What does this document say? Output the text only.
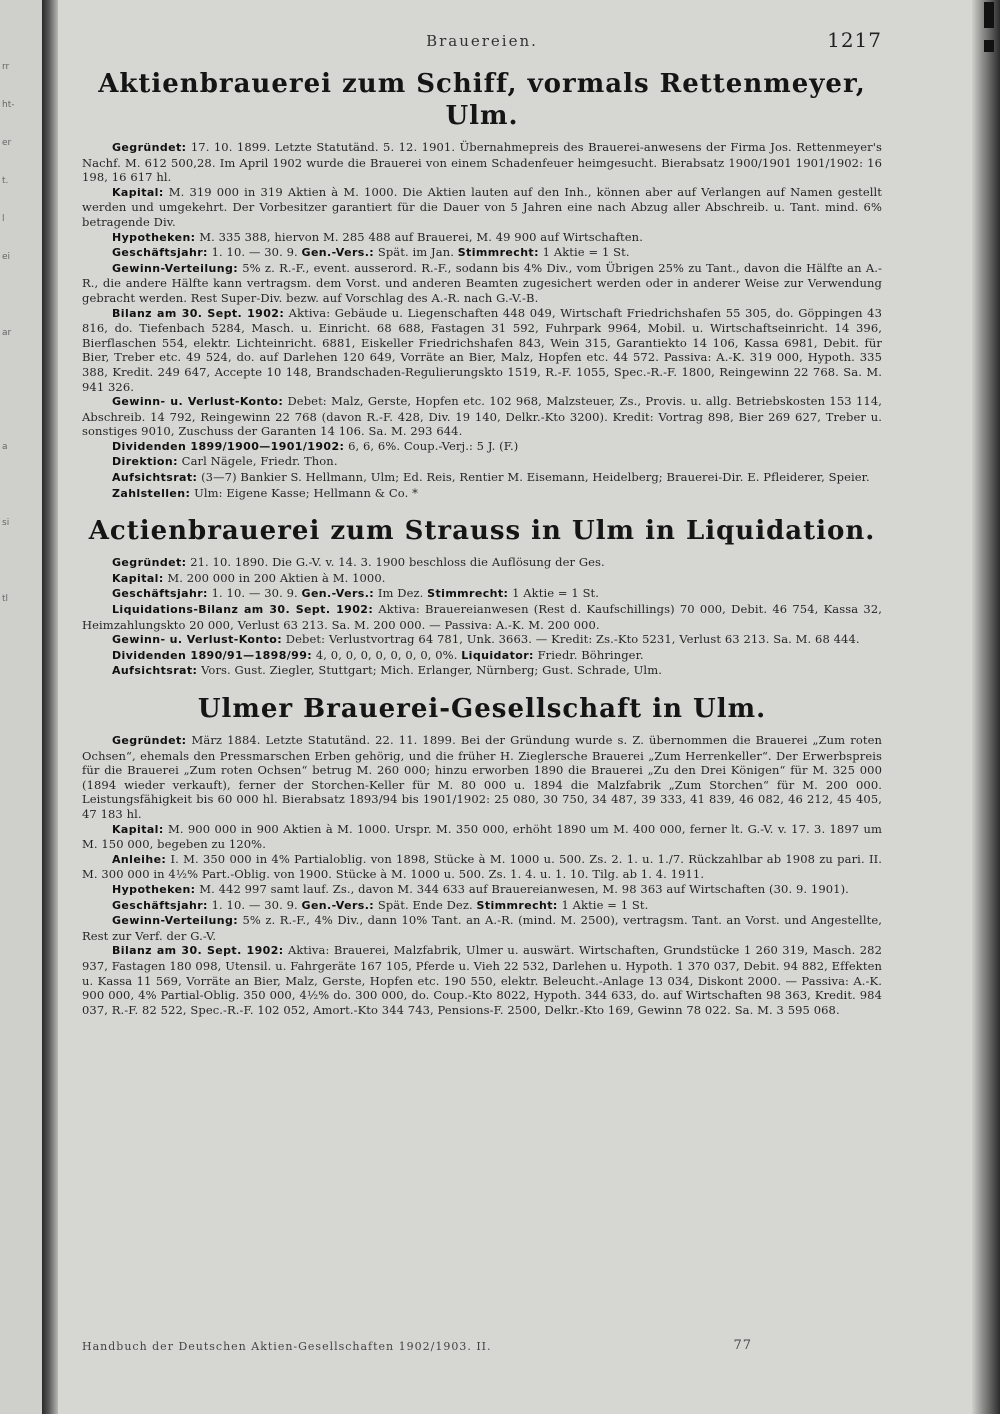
rr
ht-
er
t.
l
ei
ar
a
si
tl
Brauereien.	1217
Aktienbrauerei zum Schiff, vormals Rettenmeyer, Ulm.

Gegründet: 17. 10. 1899. Letzte Statutänd. 5. 12. 1901. Übernahmepreis des Brauerei-anwesens der Firma Jos. Rettenmeyer's Nachf. M. 612 500,28. Im April 1902 wurde die Brauerei von einem Schadenfeuer heimgesucht. Bierabsatz 1900/1901 1901/1902: 16 198, 16 617 hl.

Kapital: M. 319 000 in 319 Aktien à M. 1000. Die Aktien lauten auf den Inh., können aber auf Verlangen auf Namen gestellt werden und umgekehrt. Der Vorbesitzer garantiert für die Dauer von 5 Jahren eine nach Abzug aller Abschreib. u. Tant. mind. 6% betragende Div.

Hypotheken: M. 335 388, hiervon M. 285 488 auf Brauerei, M. 49 900 auf Wirtschaften.

Geschäftsjahr: 1. 10. — 30. 9. Gen.-Vers.: Spät. im Jan. Stimmrecht: 1 Aktie = 1 St.

Gewinn-Verteilung: 5% z. R.-F., event. ausserord. R.-F., sodann bis 4% Div., vom Übrigen 25% zu Tant., davon die Hälfte an A.-R., die andere Hälfte kann vertragsm. dem Vorst. und anderen Beamten zugesichert werden oder in anderer Weise zur Verwendung gebracht werden. Rest Super-Div. bezw. auf Vorschlag des A.-R. nach G.-V.-B.

Bilanz am 30. Sept. 1902: Aktiva: Gebäude u. Liegenschaften 448 049, Wirtschaft Friedrichshafen 55 305, do. Göppingen 43 816, do. Tiefenbach 5284, Masch. u. Einricht. 68 688, Fastagen 31 592, Fuhrpark 9964, Mobil. u. Wirtschaftseinricht. 14 396, Bierflaschen 554, elektr. Lichteinricht. 6881, Eiskeller Friedrichshafen 843, Wein 315, Garantiekto 14 106, Kassa 6981, Debit. für Bier, Treber etc. 49 524, do. auf Darlehen 120 649, Vorräte an Bier, Malz, Hopfen etc. 44 572. Passiva: A.-K. 319 000, Hypoth. 335 388, Kredit. 249 647, Accepte 10 148, Brandschaden-Regulierungskto 1519, R.-F. 1055, Spec.-R.-F. 1800, Reingewinn 22 768. Sa. M. 941 326.

Gewinn- u. Verlust-Konto: Debet: Malz, Gerste, Hopfen etc. 102 968, Malzsteuer, Zs., Provis. u. allg. Betriebskosten 153 114, Abschreib. 14 792, Reingewinn 22 768 (davon R.-F. 428, Div. 19 140, Delkr.-Kto 3200). Kredit: Vortrag 898, Bier 269 627, Treber u. sonstiges 9010, Zuschuss der Garanten 14 106. Sa. M. 293 644.

Dividenden 1899/1900—1901/1902: 6, 6, 6%. Coup.-Verj.: 5 J. (F.)

Direktion: Carl Nägele, Friedr. Thon.

Aufsichtsrat: (3—7) Bankier S. Hellmann, Ulm; Ed. Reis, Rentier M. Eisemann, Heidelberg; Brauerei-Dir. E. Pfleiderer, Speier.

Zahlstellen: Ulm: Eigene Kasse; Hellmann & Co. *

Actienbrauerei zum Strauss in Ulm in Liquidation.

Gegründet: 21. 10. 1890. Die G.-V. v. 14. 3. 1900 beschloss die Auflösung der Ges.

Kapital: M. 200 000 in 200 Aktien à M. 1000.

Geschäftsjahr: 1. 10. — 30. 9. Gen.-Vers.: Im Dez. Stimmrecht: 1 Aktie = 1 St.

Liquidations-Bilanz am 30. Sept. 1902: Aktiva: Brauereianwesen (Rest d. Kaufschillings) 70 000, Debit. 46 754, Kassa 32, Heimzahlungskto 20 000, Verlust 63 213. Sa. M. 200 000. — Passiva: A.-K. M. 200 000.

Gewinn- u. Verlust-Konto: Debet: Verlustvortrag 64 781, Unk. 3663. — Kredit: Zs.-Kto 5231, Verlust 63 213. Sa. M. 68 444.

Dividenden 1890/91—1898/99: 4, 0, 0, 0, 0, 0, 0, 0, 0%. Liquidator: Friedr. Böhringer.

Aufsichtsrat: Vors. Gust. Ziegler, Stuttgart; Mich. Erlanger, Nürnberg; Gust. Schrade, Ulm.

Ulmer Brauerei-Gesellschaft in Ulm.

Gegründet: März 1884. Letzte Statutänd. 22. 11. 1899. Bei der Gründung wurde s. Z. übernommen die Brauerei „Zum roten Ochsen“, ehemals den Pressmarschen Erben gehörig, und die früher H. Zieglersche Brauerei „Zum Herrenkeller“. Der Erwerbspreis für die Brauerei „Zum roten Ochsen“ betrug M. 260 000; hinzu erworben 1890 die Brauerei „Zu den Drei Königen“ für M. 325 000 (1894 wieder verkauft), ferner der Storchen-Keller für M. 80 000 u. 1894 die Malzfabrik „Zum Storchen“ für M. 200 000. Leistungsfähigkeit bis 60 000 hl. Bierabsatz 1893/94 bis 1901/1902: 25 080, 30 750, 34 487, 39 333, 41 839, 46 082, 46 212, 45 405, 47 183 hl.

Kapital: M. 900 000 in 900 Aktien à M. 1000. Urspr. M. 350 000, erhöht 1890 um M. 400 000, ferner lt. G.-V. v. 17. 3. 1897 um M. 150 000, begeben zu 120%.

Anleihe: I. M. 350 000 in 4% Partialoblig. von 1898, Stücke à M. 1000 u. 500. Zs. 2. 1. u. 1./7. Rückzahlbar ab 1908 zu pari. II. M. 300 000 in 4½% Part.-Oblig. von 1900. Stücke à M. 1000 u. 500. Zs. 1. 4. u. 1. 10. Tilg. ab 1. 4. 1911.

Hypotheken: M. 442 997 samt lauf. Zs., davon M. 344 633 auf Brauereianwesen, M. 98 363 auf Wirtschaften (30. 9. 1901).

Geschäftsjahr: 1. 10. — 30. 9. Gen.-Vers.: Spät. Ende Dez. Stimmrecht: 1 Aktie = 1 St.

Gewinn-Verteilung: 5% z. R.-F., 4% Div., dann 10% Tant. an A.-R. (mind. M. 2500), vertragsm. Tant. an Vorst. und Angestellte, Rest zur Verf. der G.-V.

Bilanz am 30. Sept. 1902: Aktiva: Brauerei, Malzfabrik, Ulmer u. auswärt. Wirtschaften, Grundstücke 1 260 319, Masch. 282 937, Fastagen 180 098, Utensil. u. Fahrgeräte 167 105, Pferde u. Vieh 22 532, Darlehen u. Hypoth. 1 370 037, Debit. 94 882, Effekten u. Kassa 11 569, Vorräte an Bier, Malz, Gerste, Hopfen etc. 190 550, elektr. Beleucht.-Anlage 13 034, Diskont 2000. — Passiva: A.-K. 900 000, 4% Partial-Oblig. 350 000, 4½% do. 300 000, do. Coup.-Kto 8022, Hypoth. 344 633, do. auf Wirtschaften 98 363, Kredit. 984 037, R.-F. 82 522, Spec.-R.-F. 102 052, Amort.-Kto 344 743, Pensions-F. 2500, Delkr.-Kto 169, Gewinn 78 022. Sa. M. 3 595 068.

Handbuch der Deutschen Aktien-Gesellschaften 1902/1903. II.	77
